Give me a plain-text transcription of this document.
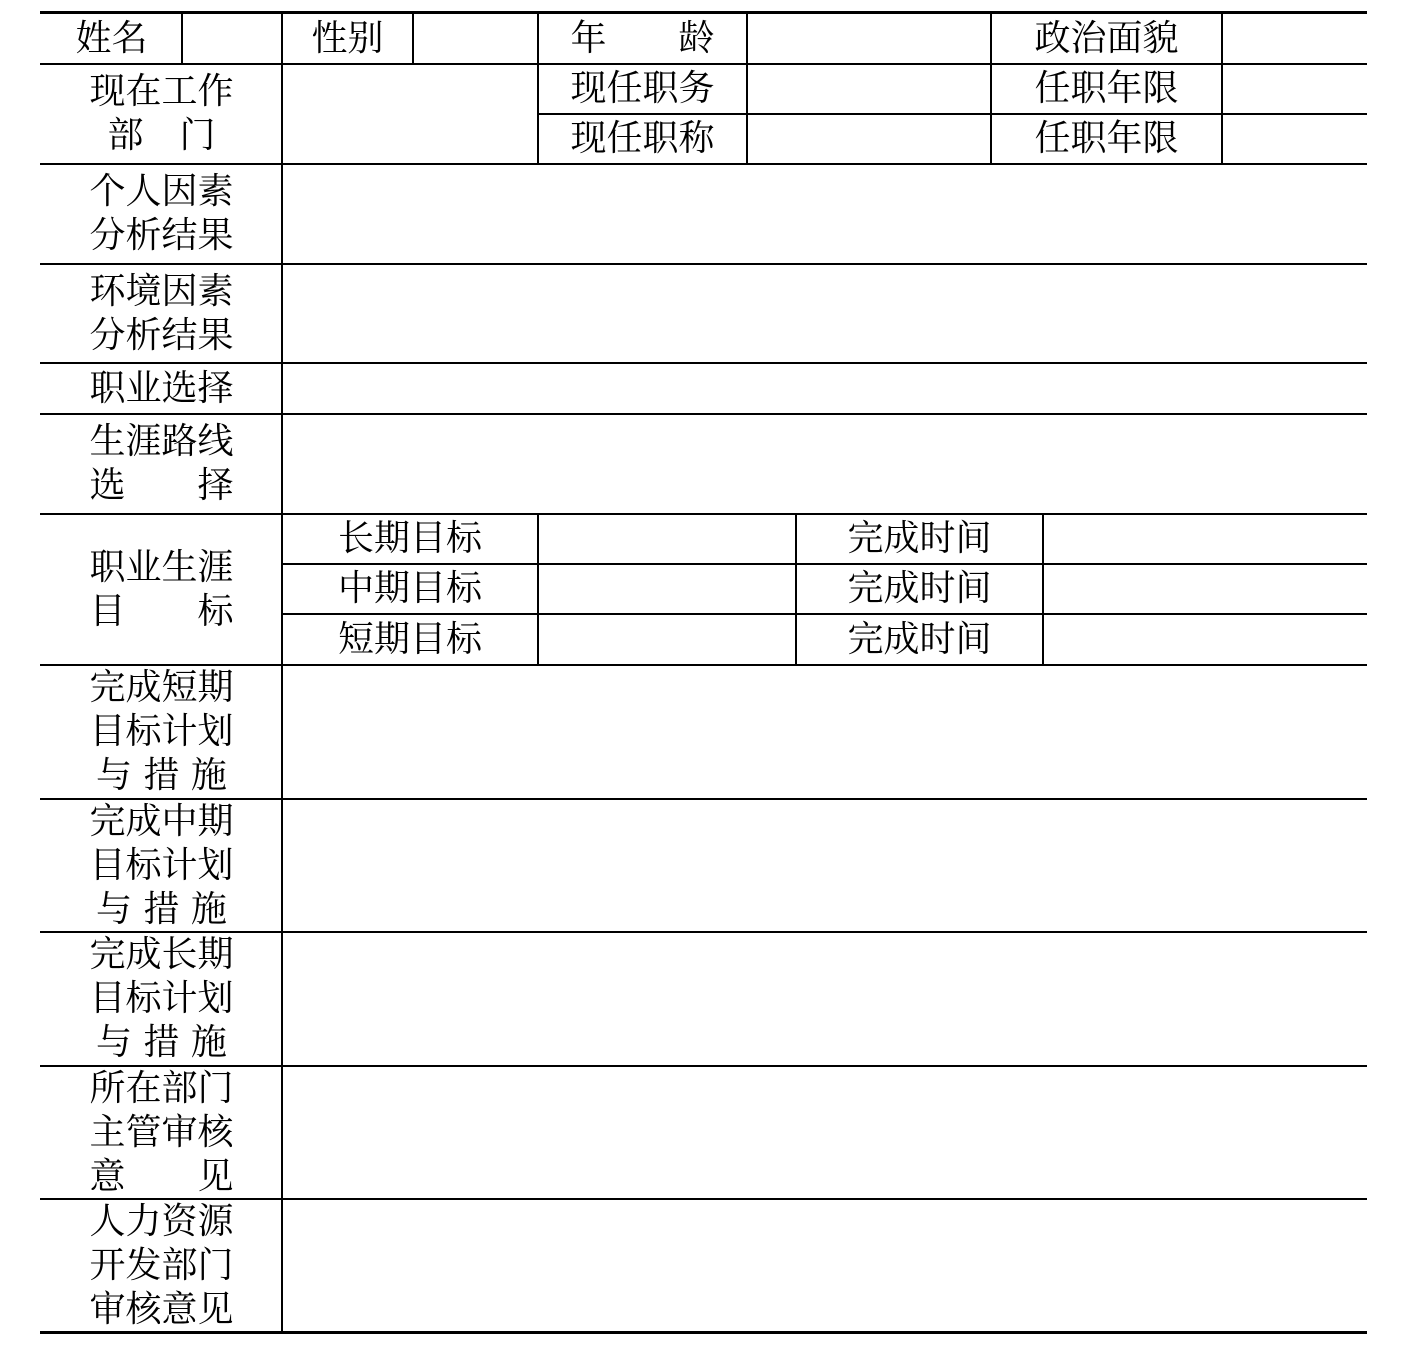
姓名	性别	年　　龄	政治面貌
现在工作
部　门
现任职务	任职年限
现任职称	任职年限
个人因素
分析结果
环境因素
分析结果
职业选择
生涯路线
选　　择
职业生涯
目　　标
长期目标	完成时间
中期目标	完成时间
短期目标	完成时间
完成短期
目标计划
与 措 施
完成中期
目标计划
与 措 施
完成长期
目标计划
与 措 施
所在部门
主管审核
意　　见
人力资源
开发部门
审核意见
